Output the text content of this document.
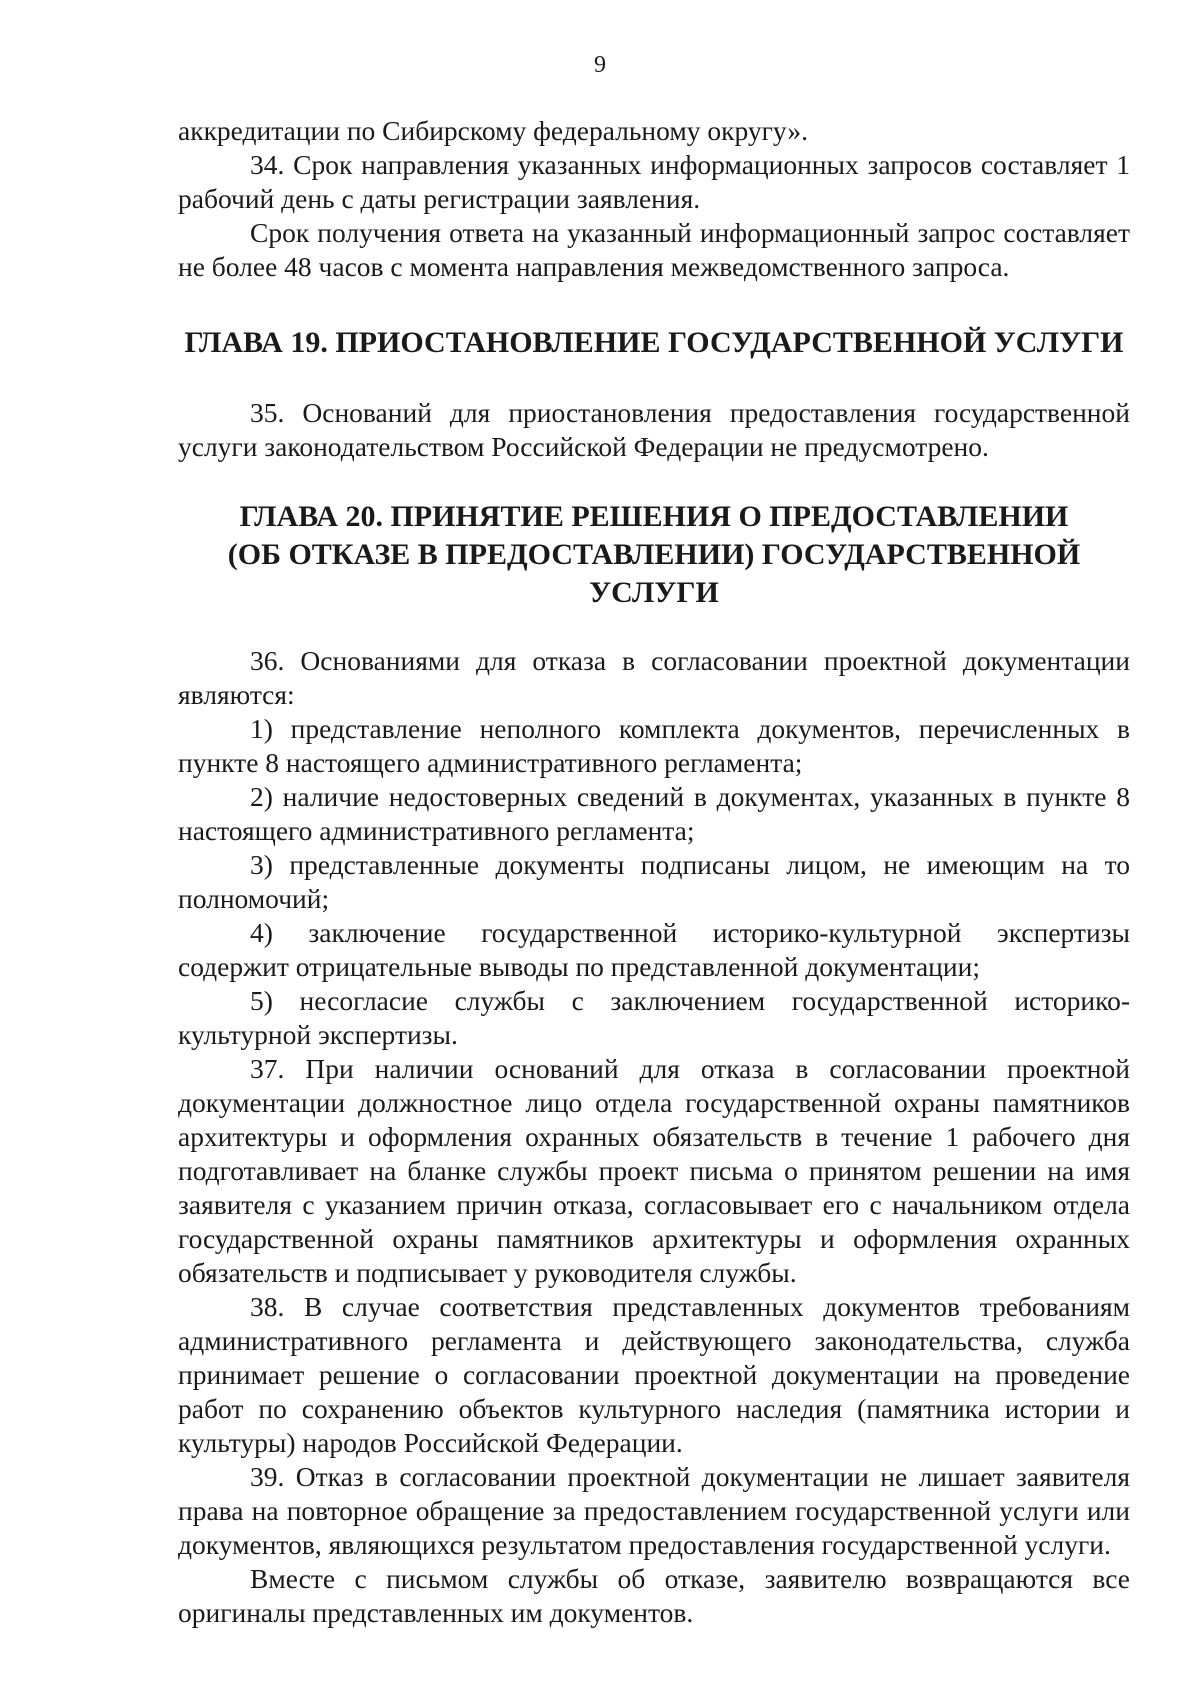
9

аккредитации по Сибирскому федеральному округу».

34. Срок направления указанных информационных запросов составляет 1 рабочий день с даты регистрации заявления.

Срок получения ответа на указанный информационный запрос составляет не более 48 часов с момента направления межведомственного запроса.

ГЛАВА 19. ПРИОСТАНОВЛЕНИЕ ГОСУДАРСТВЕННОЙ УСЛУГИ

35. Оснований для приостановления предоставления государственной услуги законодательством Российской Федерации не предусмотрено.

ГЛАВА 20. ПРИНЯТИЕ РЕШЕНИЯ О ПРЕДОСТАВЛЕНИИ
(ОБ ОТКАЗЕ В ПРЕДОСТАВЛЕНИИ) ГОСУДАРСТВЕННОЙ УСЛУГИ

36. Основаниями для отказа в согласовании проектной документации являются:

1) представление неполного комплекта документов, перечисленных в пункте 8 настоящего административного регламента;

2) наличие недостоверных сведений в документах, указанных в пункте 8 настоящего административного регламента;

3) представленные документы подписаны лицом, не имеющим на то полномочий;

4) заключение государственной историко-культурной экспертизы содержит отрицательные выводы по представленной документации;

5) несогласие службы с заключением государственной историко-культурной экспертизы.

37. При наличии оснований для отказа в согласовании проектной документации должностное лицо отдела государственной охраны памятников архитектуры и оформления охранных обязательств в течение 1 рабочего дня подготавливает на бланке службы проект письма о принятом решении на имя заявителя с указанием причин отказа, согласовывает его с начальником отдела государственной охраны памятников архитектуры и оформления охранных обязательств и подписывает у руководителя службы.

38. В случае соответствия представленных документов требованиям административного регламента и действующего законодательства, служба принимает решение о согласовании проектной документации на проведение работ по сохранению объектов культурного наследия (памятника истории и культуры) народов Российской Федерации.

39. Отказ в согласовании проектной документации не лишает заявителя права на повторное обращение за предоставлением государственной услуги или документов, являющихся результатом предоставления государственной услуги.

Вместе с письмом службы об отказе, заявителю возвращаются все оригиналы представленных им документов.
